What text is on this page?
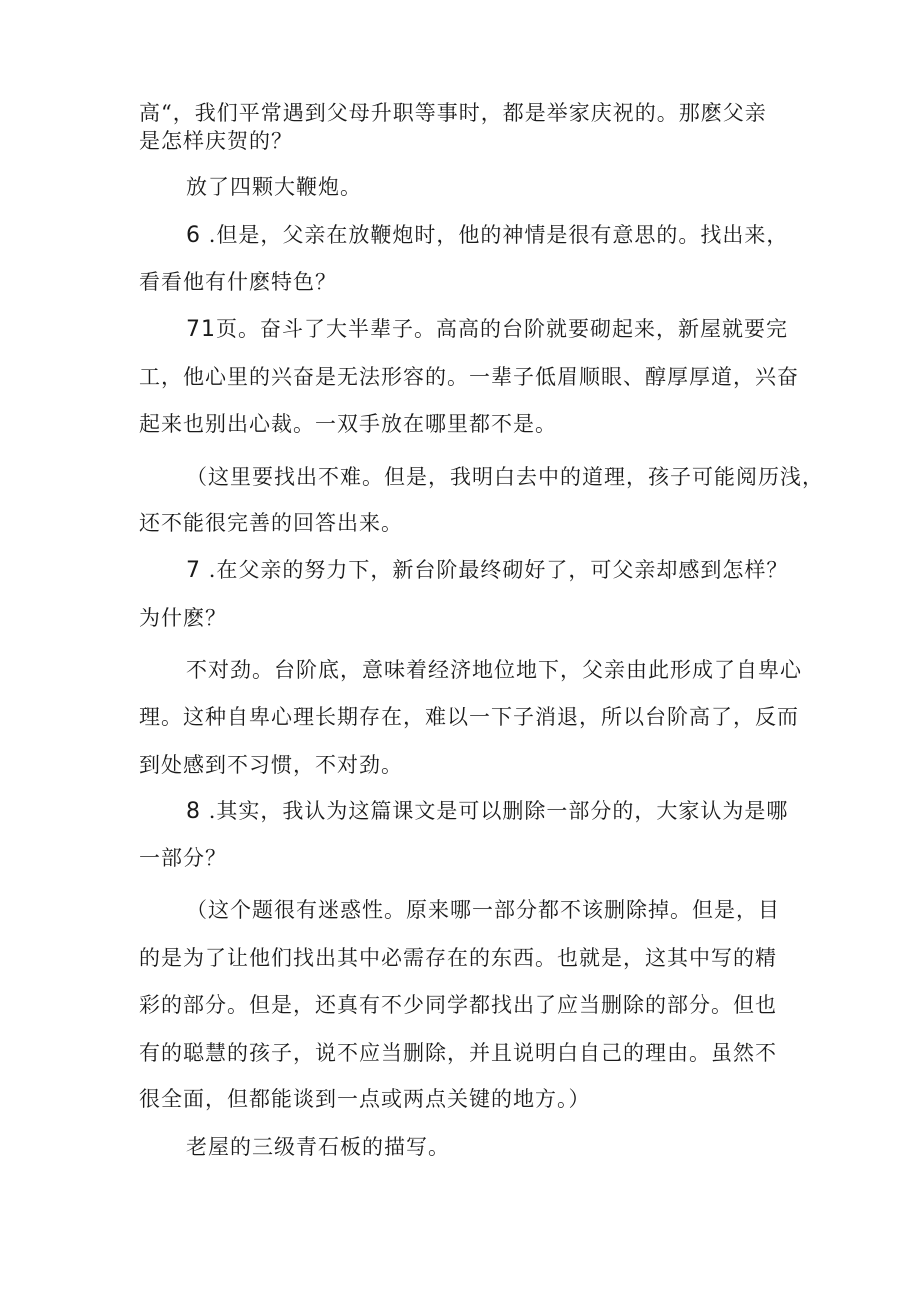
高“，我们平常遇到父母升职等事时，都是举家庆祝的。那麽父亲
是怎样庆贺的？
放了四颗大鞭炮。
6 .但是，父亲在放鞭炮时，他的神情是很有意思的。找出来，
看看他有什麽特色？
71页。奋斗了大半辈子。高高的台阶就要砌起来，新屋就要完
工，他心里的兴奋是无法形容的。一辈子低眉顺眼、醇厚厚道，兴奋
起来也别出心裁。一双手放在哪里都不是。
（这里要找出不难。但是，我明白去中的道理，孩子可能阅历浅，
还不能很完善的回答出来。
7 .在父亲的努力下，新台阶最终砌好了，可父亲却感到怎样？
为什麽？
不对劲。台阶底，意味着经济地位地下，父亲由此形成了自卑心
理。这种自卑心理长期存在，难以一下子消退，所以台阶高了，反而
到处感到不习惯，不对劲。
8 .其实，我认为这篇课文是可以删除一部分的，大家认为是哪
一部分？
（这个题很有迷惑性。原来哪一部分都不该删除掉。但是，目
的是为了让他们找出其中必需存在的东西。也就是，这其中写的精
彩的部分。但是，还真有不少同学都找出了应当删除的部分。但也
有的聪慧的孩子，说不应当删除，并且说明白自己的理由。虽然不
很全面，但都能谈到一点或两点关键的地方。）
老屋的三级青石板的描写。
